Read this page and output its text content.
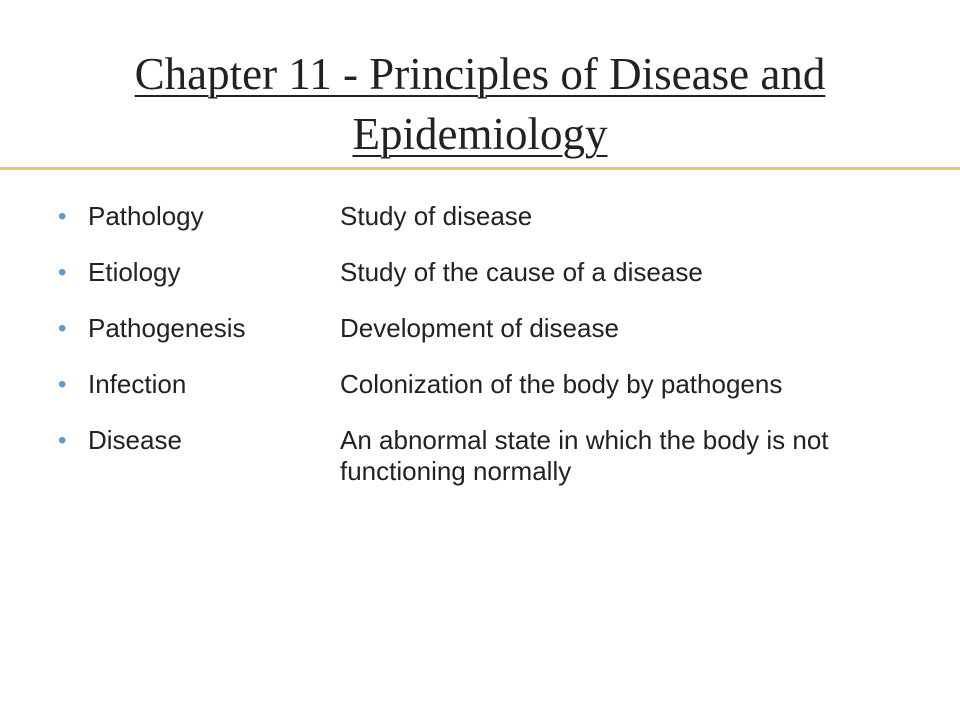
Chapter 11 - Principles of Disease and Epidemiology
• Pathology	Study of disease
• Etiology	Study of the cause of a disease
• Pathogenesis	Development of disease
• Infection	Colonization of the body by pathogens
• Disease	An abnormal state in which the body is not functioning normally
